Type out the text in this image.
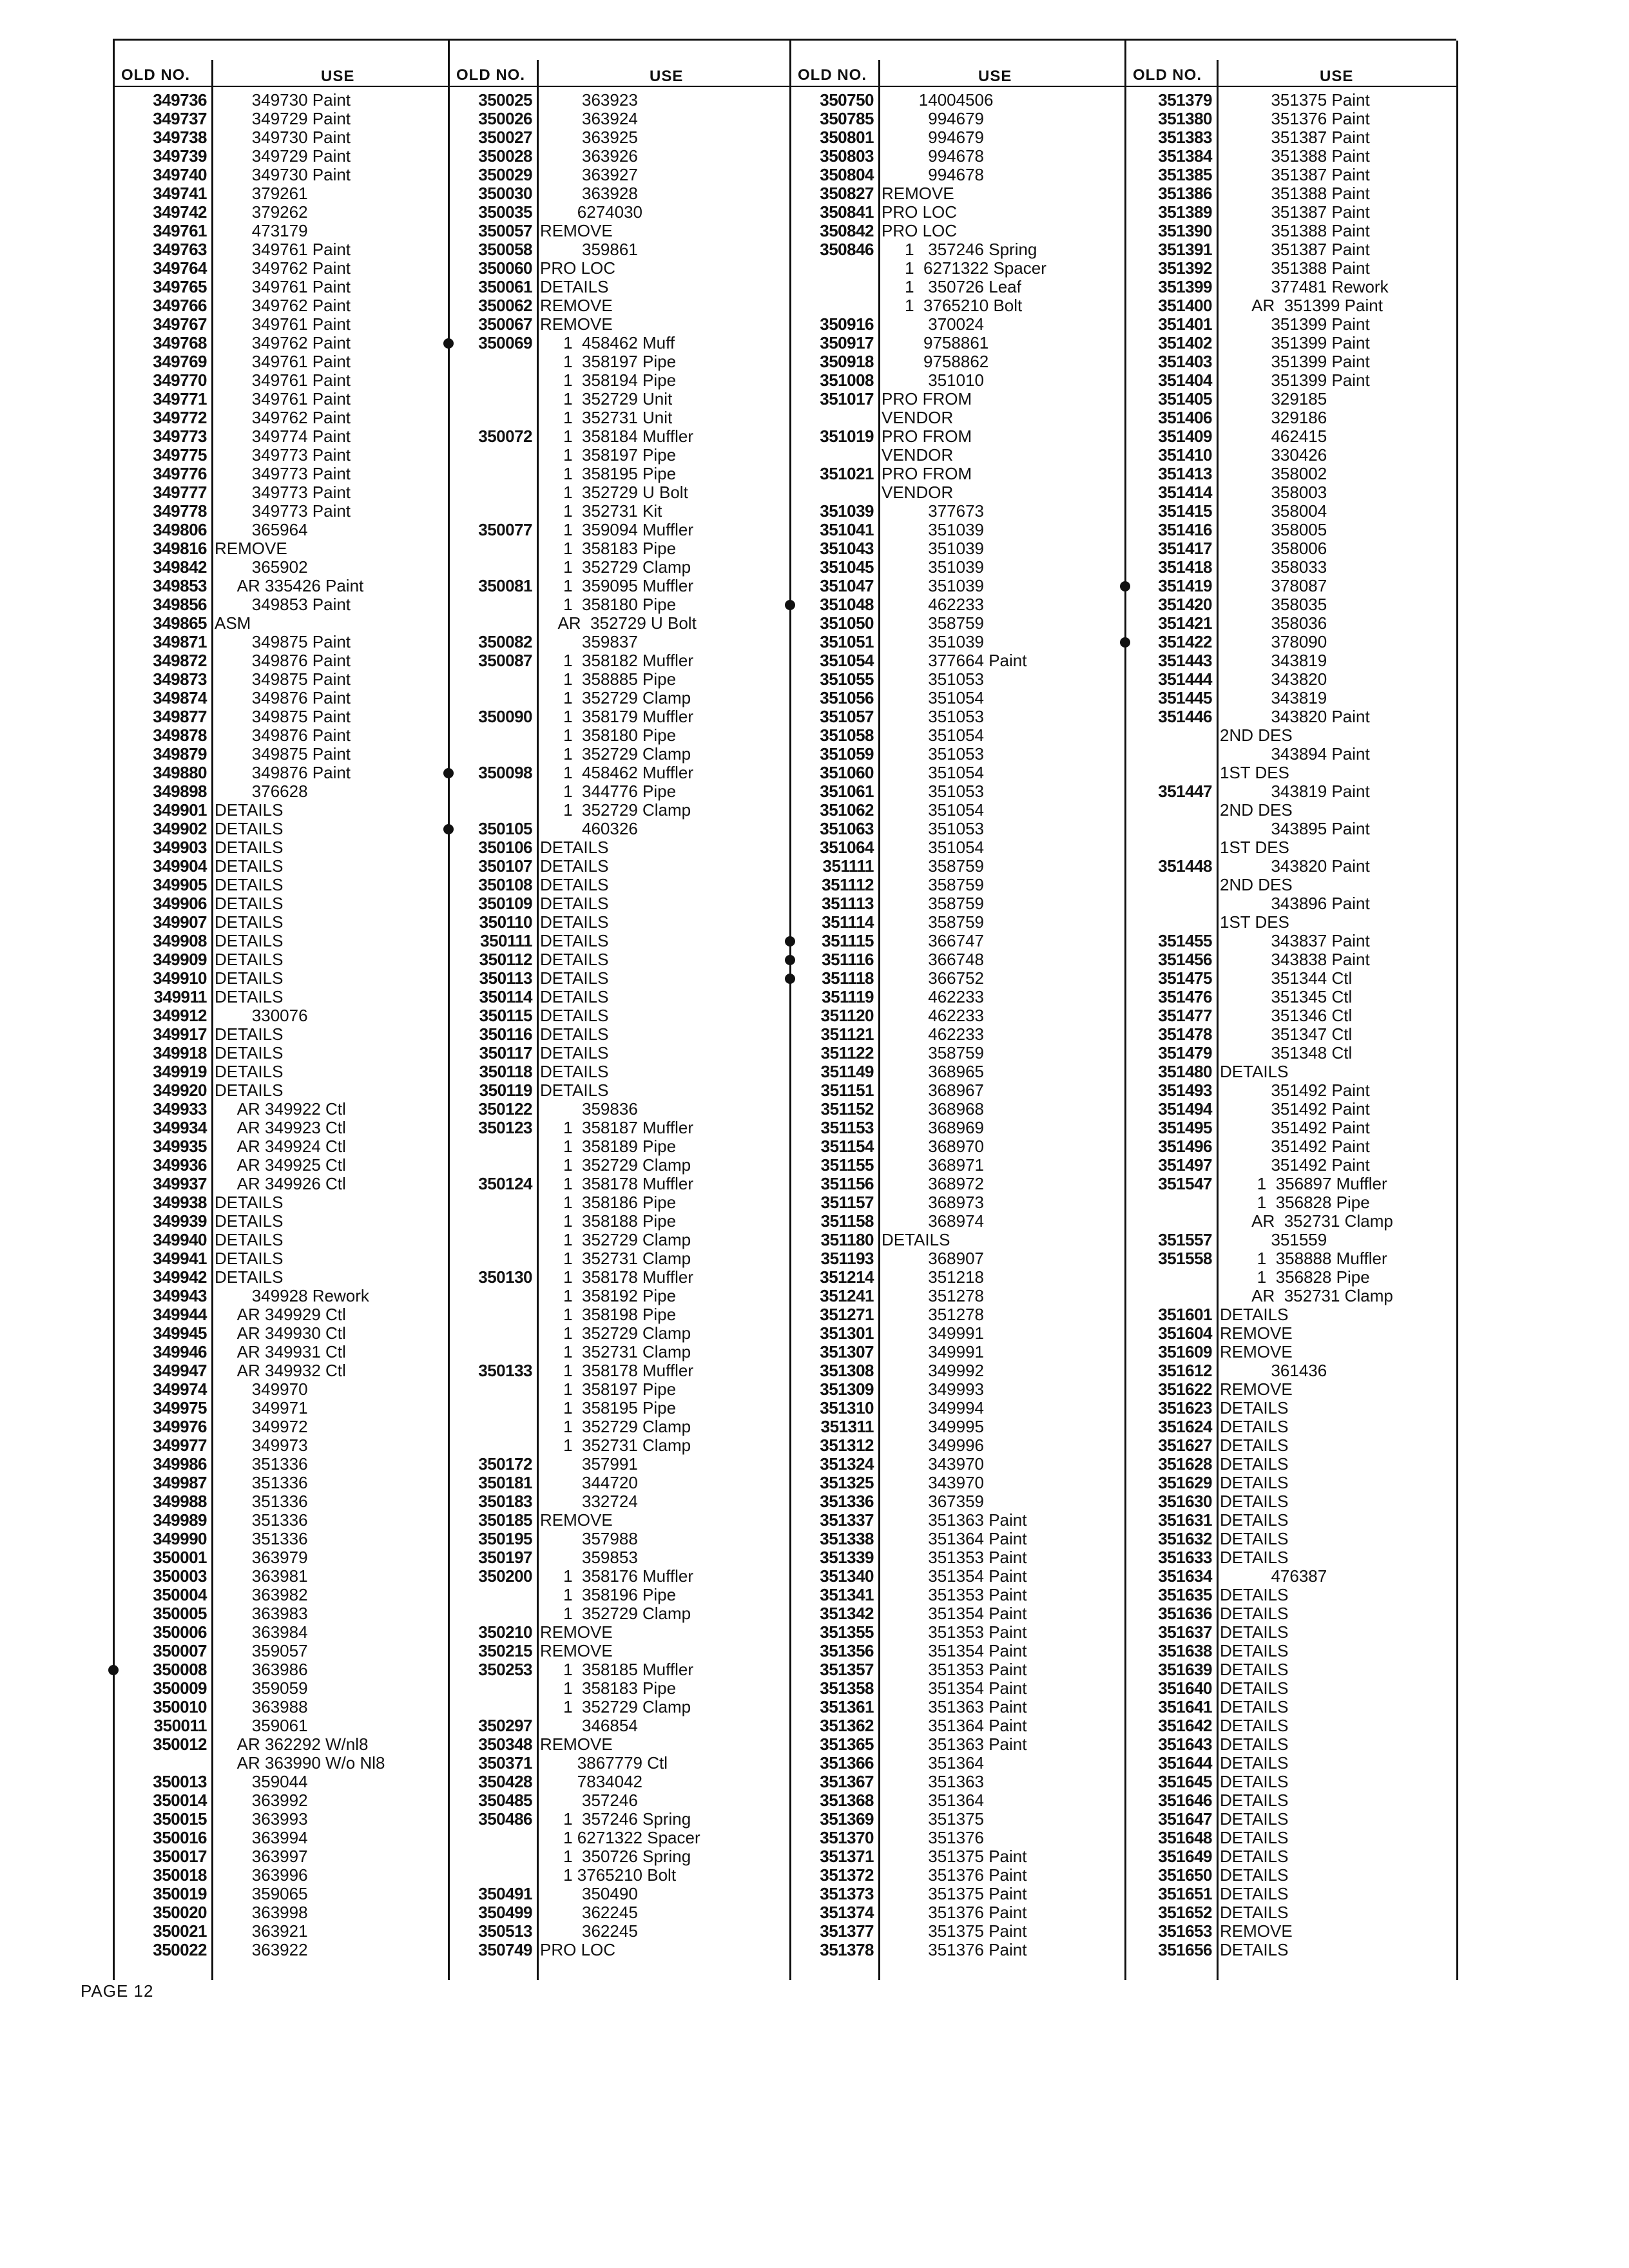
OLD NO.	USE
349736 349730 Paint
349737 349729 Paint
349738 349730 Paint
349739 349729 Paint
349740 349730 Paint
349741 379261
349742 379262
349761 473179
349763 349761 Paint
349764 349762 Paint
349765 349761 Paint
349766 349762 Paint
349767 349761 Paint
349768 349762 Paint
349769 349761 Paint
349770 349761 Paint
349771 349761 Paint
349772 349762 Paint
349773 349774 Paint
349775 349773 Paint
349776 349773 Paint
349777 349773 Paint
349778 349773 Paint
349806 365964
349816 REMOVE
349842 365902
349853 AR 335426 Paint
349856 349853 Paint
349865 ASM
349871 349875 Paint
349872 349876 Paint
349873 349875 Paint
349874 349876 Paint
349877 349875 Paint
349878 349876 Paint
349879 349875 Paint
349880 349876 Paint
349898 376628
349901 DETAILS
349902 DETAILS
349903 DETAILS
349904 DETAILS
349905 DETAILS
349906 DETAILS
349907 DETAILS
349908 DETAILS
349909 DETAILS
349910 DETAILS
349911 DETAILS
349912 330076
349917 DETAILS
349918 DETAILS
349919 DETAILS
349920 DETAILS
349933 AR 349922 Ctl
349934 AR 349923 Ctl
349935 AR 349924 Ctl
349936 AR 349925 Ctl
349937 AR 349926 Ctl
349938 DETAILS
349939 DETAILS
349940 DETAILS
349941 DETAILS
349942 DETAILS
349943 349928 Rework
349944 AR 349929 Ctl
349945 AR 349930 Ctl
349946 AR 349931 Ctl
349947 AR 349932 Ctl
349974 349970
349975 349971
349976 349972
349977 349973
349986 351336
349987 351336
349988 351336
349989 351336
349990 351336
350001 363979
350003 363981
350004 363982
350005 363983
350006 363984
350007 359057
350008 363986
350009 359059
350010 363988
350011 359061
350012 AR 362292 W/nl8
AR 363990 W/o Nl8
350013 359044
350014 363992
350015 363993
350016 363994
350017 363997
350018 363996
350019 359065
350020 363998
350021 363921
350022 363922
OLD NO.	USE
350025 363923
350026 363924
350027 363925
350028 363926
350029 363927
350030 363928
350035 6274030
350057 REMOVE
350058 359861
350060 PRO LOC
350061 DETAILS
350062 REMOVE
350067 REMOVE
350069 1  458462 Muff
1  358197 Pipe
1  358194 Pipe
1  352729 Unit
1  352731 Unit
350072 1  358184 Muffler
1  358197 Pipe
1  358195 Pipe
1  352729 U Bolt
1  352731 Kit
350077 1  359094 Muffler
1  358183 Pipe
1  352729 Clamp
350081 1  359095 Muffler
1  358180 Pipe
AR  352729 U Bolt
350082 359837
350087 1  358182 Muffler
1  358885 Pipe
1  352729 Clamp
350090 1  358179 Muffler
1  358180 Pipe
1  352729 Clamp
350098 1  458462 Muffler
1  344776 Pipe
1  352729 Clamp
350105 460326
350106 DETAILS
350107 DETAILS
350108 DETAILS
350109 DETAILS
350110 DETAILS
350111 DETAILS
350112 DETAILS
350113 DETAILS
350114 DETAILS
350115 DETAILS
350116 DETAILS
350117 DETAILS
350118 DETAILS
350119 DETAILS
350122 359836
350123 1  358187 Muffler
1  358189 Pipe
1  352729 Clamp
350124 1  358178 Muffler
1  358186 Pipe
1  358188 Pipe
1  352729 Clamp
1  352731 Clamp
350130 1  358178 Muffler
1  358192 Pipe
1  358198 Pipe
1  352729 Clamp
1  352731 Clamp
350133 1  358178 Muffler
1  358197 Pipe
1  358195 Pipe
1  352729 Clamp
1  352731 Clamp
350172 357991
350181 344720
350183 332724
350185 REMOVE
350195 357988
350197 359853
350200 1  358176 Muffler
1  358196 Pipe
1  352729 Clamp
350210 REMOVE
350215 REMOVE
350253 1  358185 Muffler
1  358183 Pipe
1  352729 Clamp
350297 346854
350348 REMOVE
350371 3867779 Ctl
350428 7834042
350485 357246
350486 1  357246 Spring
1 6271322 Spacer
1  350726 Spring
1 3765210 Bolt
350491 350490
350499 362245
350513 362245
350749 PRO LOC
OLD NO.	USE
350750 14004506
350785 994679
350801 994679
350803 994678
350804 994678
350827 REMOVE
350841 PRO LOC
350842 PRO LOC
350846 1   357246 Spring
1  6271322 Spacer
1   350726 Leaf
1  3765210 Bolt
350916 370024
350917 9758861
350918 9758862
351008 351010
351017 PRO FROM
VENDOR
351019 PRO FROM
VENDOR
351021 PRO FROM
VENDOR
351039 377673
351041 351039
351043 351039
351045 351039
351047 351039
351048 462233
351050 358759
351051 351039
351054 377664 Paint
351055 351053
351056 351054
351057 351053
351058 351054
351059 351053
351060 351054
351061 351053
351062 351054
351063 351053
351064 351054
351111 358759
351112 358759
351113 358759
351114 358759
351115 366747
351116 366748
351118 366752
351119 462233
351120 462233
351121 462233
351122 358759
351149 368965
351151 368967
351152 368968
351153 368969
351154 368970
351155 368971
351156 368972
351157 368973
351158 368974
351180 DETAILS
351193 368907
351214 351218
351241 351278
351271 351278
351301 349991
351307 349991
351308 349992
351309 349993
351310 349994
351311 349995
351312 349996
351324 343970
351325 343970
351336 367359
351337 351363 Paint
351338 351364 Paint
351339 351353 Paint
351340 351354 Paint
351341 351353 Paint
351342 351354 Paint
351355 351353 Paint
351356 351354 Paint
351357 351353 Paint
351358 351354 Paint
351361 351363 Paint
351362 351364 Paint
351365 351363 Paint
351366 351364
351367 351363
351368 351364
351369 351375
351370 351376
351371 351375 Paint
351372 351376 Paint
351373 351375 Paint
351374 351376 Paint
351377 351375 Paint
351378 351376 Paint
OLD NO.	USE
351379 351375 Paint
351380 351376 Paint
351383 351387 Paint
351384 351388 Paint
351385 351387 Paint
351386 351388 Paint
351389 351387 Paint
351390 351388 Paint
351391 351387 Paint
351392 351388 Paint
351399 377481 Rework
351400 AR  351399 Paint
351401 351399 Paint
351402 351399 Paint
351403 351399 Paint
351404 351399 Paint
351405 329185
351406 329186
351409 462415
351410 330426
351413 358002
351414 358003
351415 358004
351416 358005
351417 358006
351418 358033
351419 378087
351420 358035
351421 358036
351422 378090
351443 343819
351444 343820
351445 343819
351446 343820 Paint
2ND DES
343894 Paint
1ST DES
351447 343819 Paint
2ND DES
343895 Paint
1ST DES
351448 343820 Paint
2ND DES
343896 Paint
1ST DES
351455 343837 Paint
351456 343838 Paint
351475 351344 Ctl
351476 351345 Ctl
351477 351346 Ctl
351478 351347 Ctl
351479 351348 Ctl
351480 DETAILS
351493 351492 Paint
351494 351492 Paint
351495 351492 Paint
351496 351492 Paint
351497 351492 Paint
351547 1  356897 Muffler
1  356828 Pipe
AR  352731 Clamp
351557 351559
351558 1  358888 Muffler
1  356828 Pipe
AR  352731 Clamp
351601 DETAILS
351604 REMOVE
351609 REMOVE
351612 361436
351622 REMOVE
351623 DETAILS
351624 DETAILS
351627 DETAILS
351628 DETAILS
351629 DETAILS
351630 DETAILS
351631 DETAILS
351632 DETAILS
351633 DETAILS
351634 476387
351635 DETAILS
351636 DETAILS
351637 DETAILS
351638 DETAILS
351639 DETAILS
351640 DETAILS
351641 DETAILS
351642 DETAILS
351643 DETAILS
351644 DETAILS
351645 DETAILS
351646 DETAILS
351647 DETAILS
351648 DETAILS
351649 DETAILS
351650 DETAILS
351651 DETAILS
351652 DETAILS
351653 REMOVE
351656 DETAILS
PAGE 12
